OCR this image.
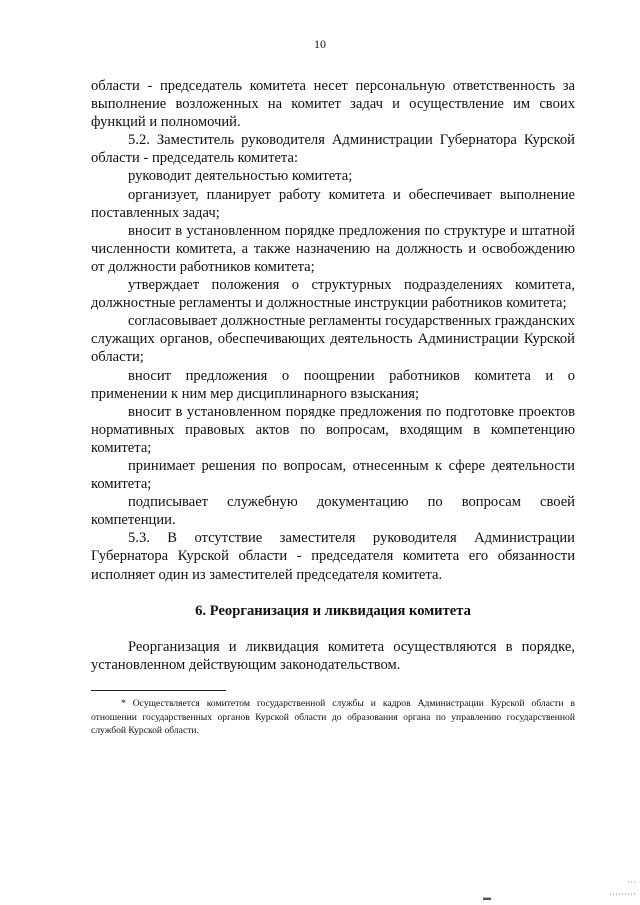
10

области - председатель комитета несет персональную ответственность за выполнение возложенных на комитет задач и осуществление им своих функций и полномочий.

5.2. Заместитель руководителя Администрации Губернатора Курской области - председатель комитета:

руководит деятельностью комитета;

организует, планирует работу комитета и обеспечивает выполнение поставленных задач;

вносит в установленном порядке предложения по структуре и штатной численности комитета, а также назначению на должность и освобождению от должности работников комитета;

утверждает положения о структурных подразделениях комитета, должностные регламенты и должностные инструкции работников комитета;

согласовывает должностные регламенты государственных гражданских служащих органов, обеспечивающих деятельность Администрации Курской области;

вносит предложения о поощрении работников комитета и о применении к ним мер дисциплинарного взыскания;

вносит в установленном порядке предложения по подготовке проектов нормативных правовых актов по вопросам, входящим в компетенцию комитета;

принимает решения по вопросам, отнесенным к сфере деятельности комитета;

подписывает служебную документацию по вопросам своей компетенции.

5.3. В отсутствие заместителя руководителя Администрации Губернатора Курской области - председателя комитета его обязанности исполняет один из заместителей председателя комитета.

6. Реорганизация и ликвидация комитета

Реорганизация и ликвидация комитета осуществляются в порядке, установленном действующим законодательством.

* Осуществляется комитетом государственной службы и кадров Администрации Курской области в отношении государственных органов Курской области до образования органа по управлению государственной службой Курской области.

▬
